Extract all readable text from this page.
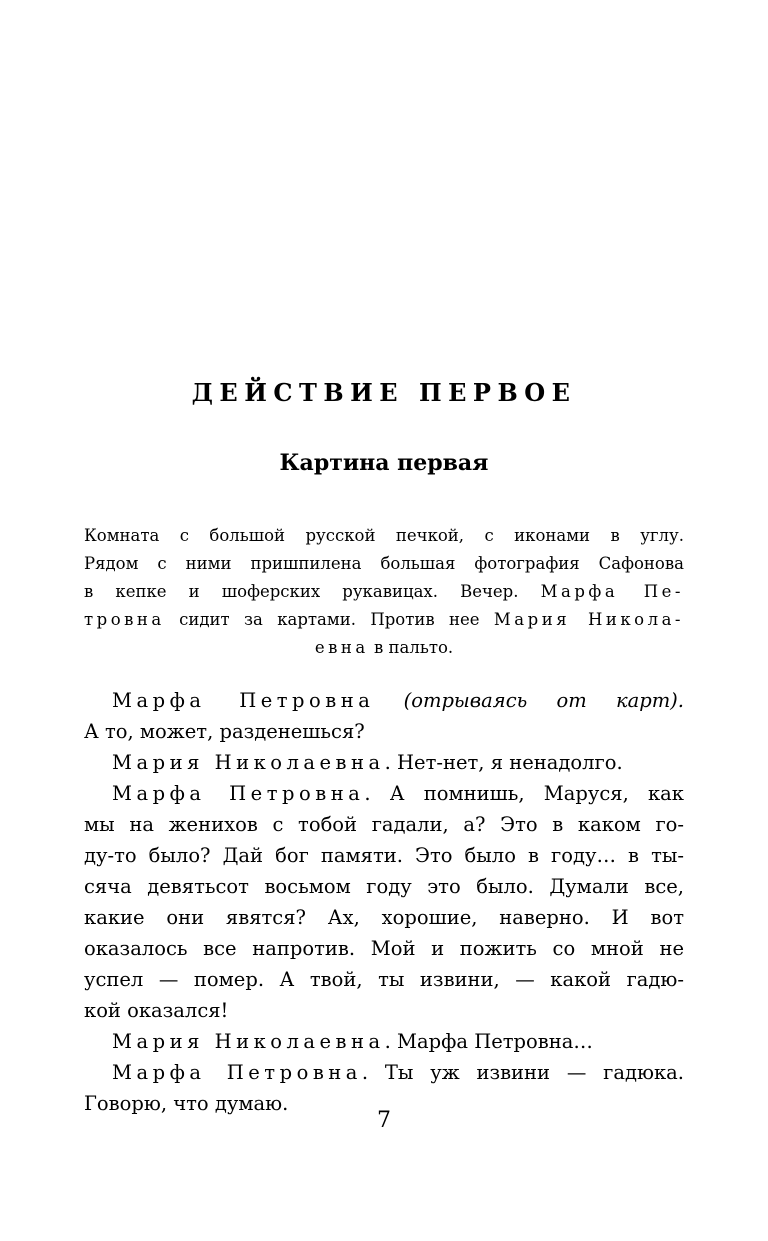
ДЕЙСТВИЕ ПЕРВОЕ
Картина первая
Комната с большой русской печкой, с иконами в углу.
Рядом с ними пришпилена большая фотография Сафонова
в кепке и шоферских рукавицах. Вечер. Марфа Пе-
тровна сидит за картами. Против нее Мария Никола-
евна в пальто.
Марфа Петровна (отрываясь от карт).
А то, может, разденешься?
Мария Николаевна. Нет-нет, я ненадолго.
Марфа Петровна. А помнишь, Маруся, как
мы на женихов с тобой гадали, а? Это в каком го-
ду-то было? Дай бог памяти. Это было в году… в ты-
сяча девятьсот восьмом году это было. Думали все,
какие они явятся? Ах, хорошие, наверно. И вот
оказалось все напротив. Мой и пожить со мной не
успел — помер. А твой, ты извини, — какой гадю-
кой оказался!
Мария Николаевна. Марфа Петровна…
Марфа Петровна. Ты уж извини — гадюка.
Говорю, что думаю.
7
